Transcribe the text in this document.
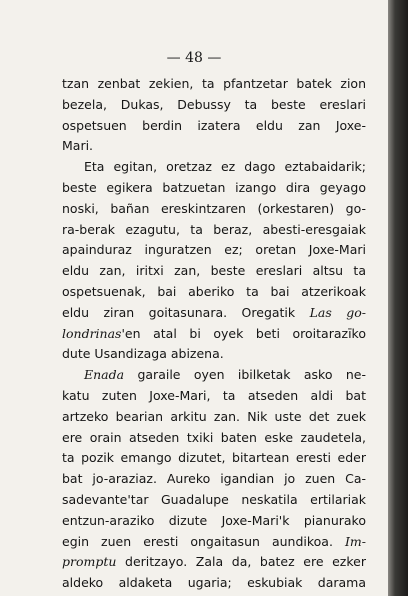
— 48 —
tzan zenbat zekien, ta pfantzetar batek zion
bezela, Dukas, Debussy ta beste ereslari
ospetsuen berdin izatera eldu zan Joxe-
Mari.
Eta egitan, oretzaz ez dago eztabaidarik;
beste egikera batzuetan izango dira geyago
noski, bañan ereskintzaren (orkestaren) go-
ra-berak ezagutu, ta beraz, abesti-eresgaiak
apainduraz inguratzen ez; oretan Joxe-Mari
eldu zan, iritxi zan, beste ereslari altsu ta
ospetsuenak, bai aberiko ta bai atzerikoak
eldu ziran goitasunara. Oregatik Las go-
londrinas'en atal bi oyek beti oroitarazīko
dute Usandizaga abizena.
Enada garaile oyen ibilketak asko ne-
katu zuten Joxe-Mari, ta atseden aldi bat
artzeko bearian arkitu zan. Nik uste det zuek
ere orain atseden txiki baten eske zaudetela,
ta pozik emango dizutet, bitartean eresti eder
bat jo-araziaz. Aureko igandian jo zuen Ca-
sadevante'tar Guadalupe neskatila ertilariak
entzun-araziko dizute Joxe-Mari'k pianurako
egin zuen eresti ongaitasun aundikoa. Im-
promptu deritzayo. Zala da, batez ere ezker
aldeko aldaketa ugaria; eskubiak darama
